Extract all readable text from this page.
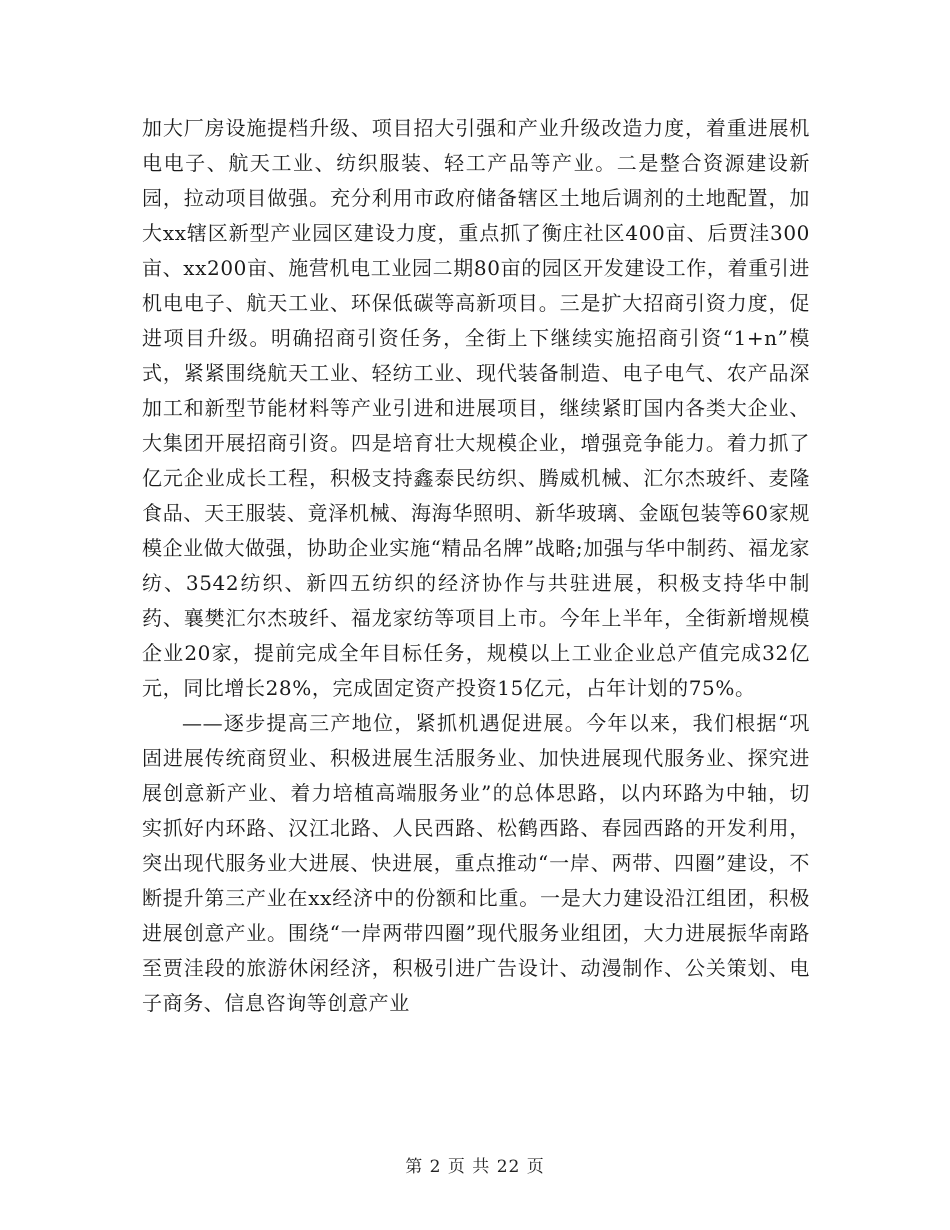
加大厂房设施提档升级、项目招大引强和产业升级改造力度，着重进展机电电子、航天工业、纺织服装、轻工产品等产业。二是整合资源建设新园，拉动项目做强。充分利用市政府储备辖区土地后调剂的土地配置，加大xx辖区新型产业园区建设力度，重点抓了衡庄社区400亩、后贾洼300亩、xx200亩、施营机电工业园二期80亩的园区开发建设工作，着重引进机电电子、航天工业、环保低碳等高新项目。三是扩大招商引资力度，促进项目升级。明确招商引资任务，全街上下继续实施招商引资“1+n”模式，紧紧围绕航天工业、轻纺工业、现代装备制造、电子电气、农产品深加工和新型节能材料等产业引进和进展项目，继续紧盯国内各类大企业、大集团开展招商引资。四是培育壮大规模企业，增强竞争能力。着力抓了亿元企业成长工程，积极支持鑫泰民纺织、腾威机械、汇尔杰玻纤、麦隆食品、天王服装、竟泽机械、海海华照明、新华玻璃、金瓯包装等60家规模企业做大做强，协助企业实施“精品名牌”战略;加强与华中制药、福龙家纺、3542纺织、新四五纺织的经济协作与共驻进展，积极支持华中制药、襄樊汇尔杰玻纤、福龙家纺等项目上市。今年上半年，全街新增规模企业20家，提前完成全年目标任务，规模以上工业企业总产值完成32亿元，同比增长28%，完成固定资产投资15亿元，占年计划的75%。

——逐步提高三产地位，紧抓机遇促进展。今年以来，我们根据“巩固进展传统商贸业、积极进展生活服务业、加快进展现代服务业、探究进展创意新产业、着力培植高端服务业”的总体思路，以内环路为中轴，切实抓好内环路、汉江北路、人民西路、松鹤西路、春园西路的开发利用，突出现代服务业大进展、快进展，重点推动“一岸、两带、四圈”建设，不断提升第三产业在xx经济中的份额和比重。一是大力建设沿江组团，积极进展创意产业。围绕“一岸两带四圈”现代服务业组团，大力进展振华南路至贾洼段的旅游休闲经济，积极引进广告设计、动漫制作、公关策划、电子商务、信息咨询等创意产业

第 2 页 共 22 页
